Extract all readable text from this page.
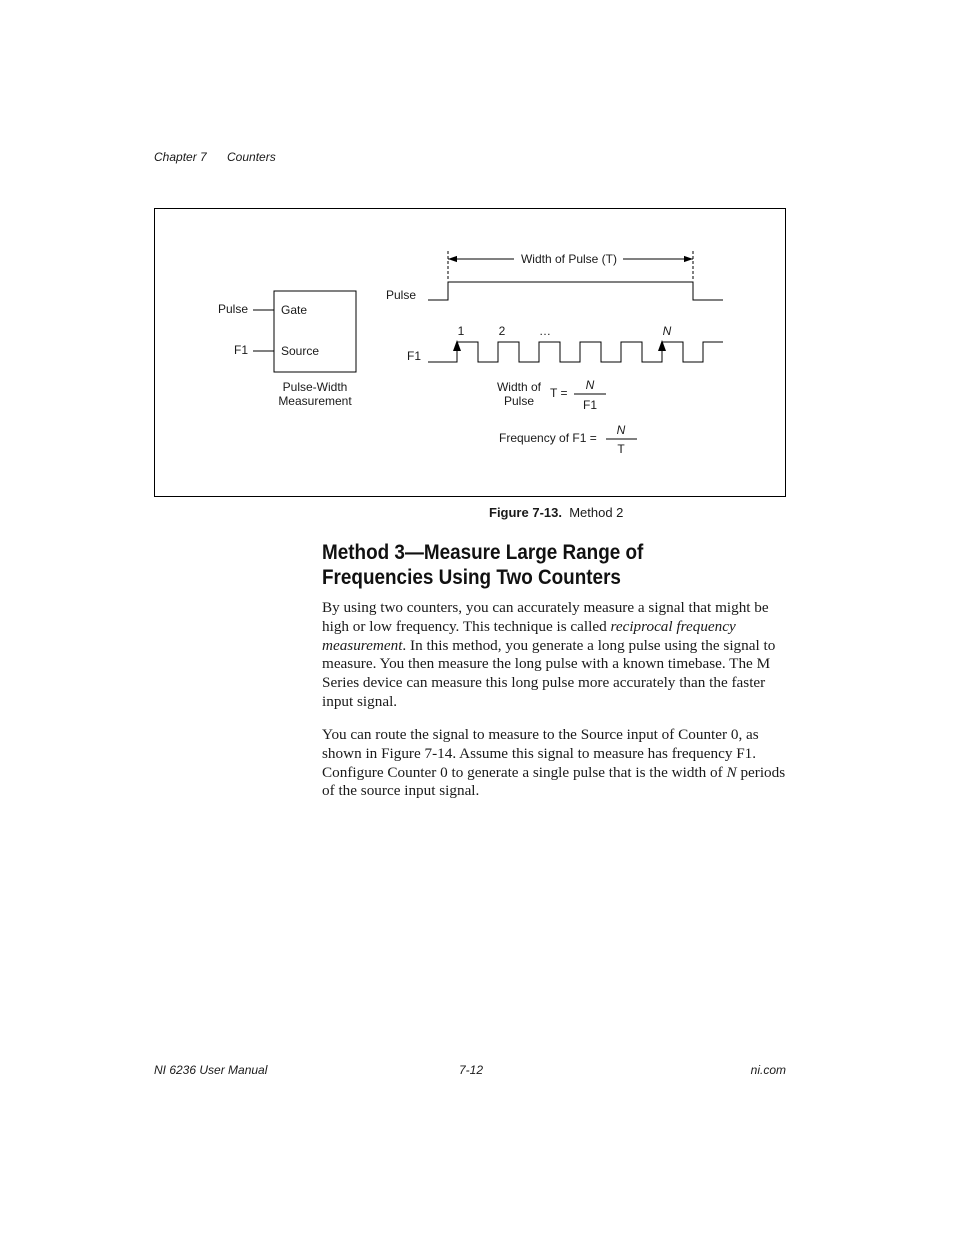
Chapter 7 Counters
Pulse
F1
Gate
Source
Pulse-Width
Measurement
Width of Pulse (T)
Pulse
1	2	…	N
F1
Width of
Pulse
T =
N
F1
Frequency of F1 =
N
T
Figure 7-13. Method 2
Method 3—Measure Large Range of Frequencies Using Two Counters

By using two counters, you can accurately measure a signal that might be high or low frequency. This technique is called reciprocal frequency measurement. In this method, you generate a long pulse using the signal to measure. You then measure the long pulse with a known timebase. The M Series device can measure this long pulse more accurately than the faster input signal.

You can route the signal to measure to the Source input of Counter 0, as shown in Figure 7-14. Assume this signal to measure has frequency F1. Configure Counter 0 to generate a single pulse that is the width of N periods of the source input signal.

NI 6236 User Manual	7-12	ni.com
